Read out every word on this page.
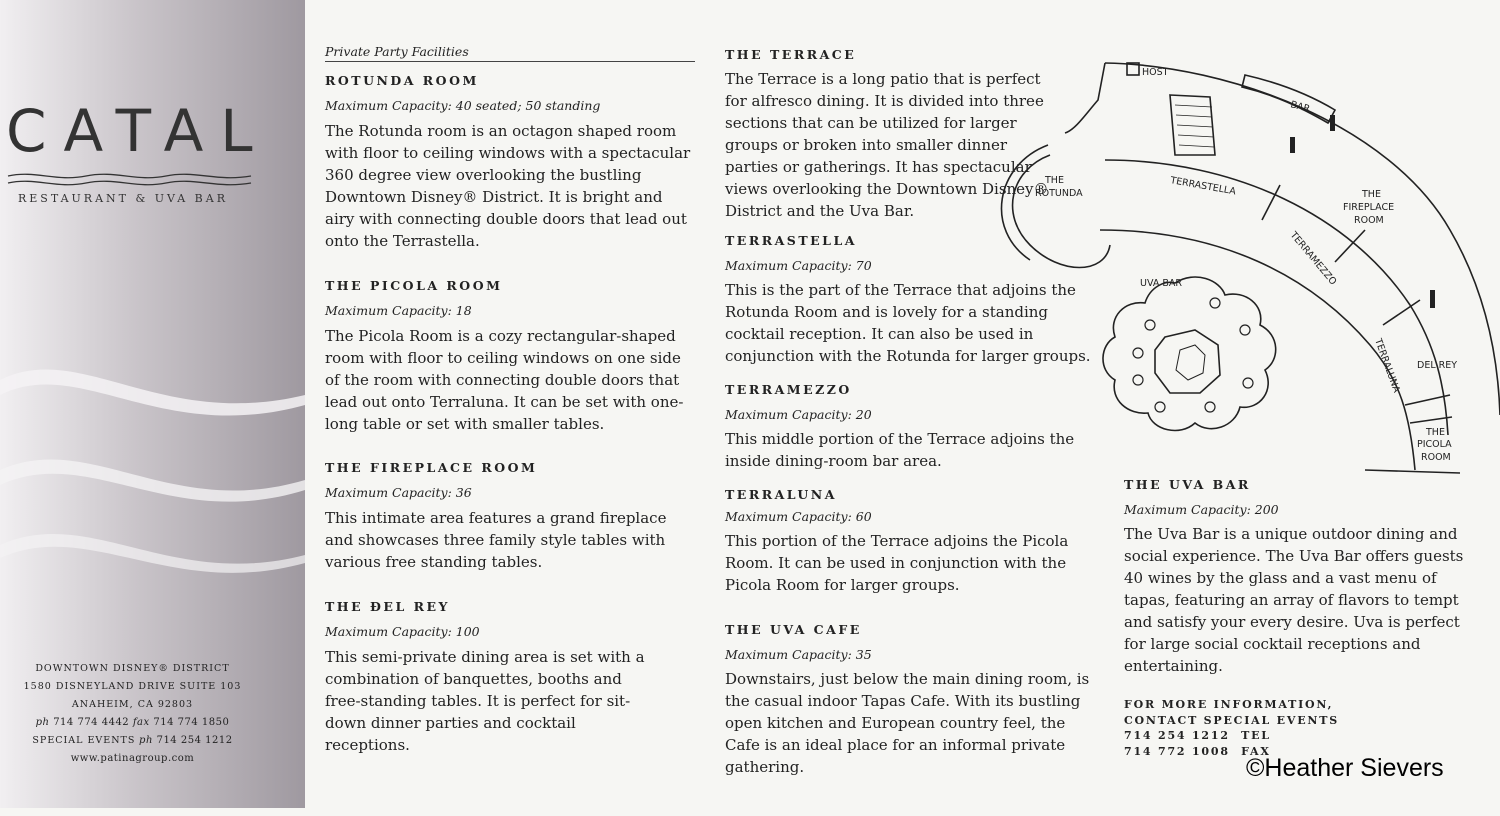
CATAL
RESTAURANT & UVA BAR
DOWNTOWN DISNEY® DISTRICT
1580 DISNEYLAND DRIVE SUITE 103
ANAHEIM, CA 92803
ph 714 774 4442 fax 714 774 1850
SPECIAL EVENTS ph 714 254 1212
www.patinagroup.com
Private Party Facilities

ROTUNDA ROOM

Maximum Capacity: 40 seated; 50 standing

The Rotunda room is an octagon shaped room with floor to ceiling windows with a spectacular 360 degree view overlooking the bustling Downtown Disney® District. It is bright and airy with connecting double doors that lead out onto the Terrastella.

THE PICOLA ROOM

Maximum Capacity: 18

The Picola Room is a cozy rectangular-shaped room with floor to ceiling windows on one side of the room with connecting double doors that lead out onto Terraluna. It can be set with one-long table or set with smaller tables.

THE FIREPLACE ROOM

Maximum Capacity: 36

This intimate area features a grand fireplace and showcases three family style tables with various free standing tables.

THE ĐEL REY

Maximum Capacity: 100

This semi-private dining area is set with a combination of banquettes, booths and free-standing tables. It is perfect for sit-down dinner parties and cocktail receptions.

THE TERRACE

The Terrace is a long patio that is perfect for alfresco dining. It is divided into three sections that can be utilized for larger groups or broken into smaller dinner parties or gatherings. It has spectacular views overlooking the Downtown Disney® District and the Uva Bar.

TERRASTELLA

Maximum Capacity: 70

This is the part of the Terrace that adjoins the Rotunda Room and is lovely for a standing cocktail reception. It can also be used in conjunction with the Rotunda for larger groups.

TERRAMEZZO

Maximum Capacity: 20

This middle portion of the Terrace adjoins the inside dining-room bar area.

TERRALUNA

Maximum Capacity: 60

This portion of the Terrace adjoins the Picola Room. It can be used in conjunction with the Picola Room for larger groups.

THE UVA CAFE

Maximum Capacity: 35

Downstairs, just below the main dining room, is the casual indoor Tapas Cafe. With its bustling open kitchen and European country feel, the Cafe is an ideal place for an informal private gathering.

THE UVA BAR

Maximum Capacity: 200

The Uva Bar is a unique outdoor dining and social experience. The Uva Bar offers guests 40 wines by the glass and a vast menu of tapas, featuring an array of flavors to tempt and satisfy your every desire. Uva is perfect for large social cocktail receptions and entertaining.

FOR MORE INFORMATION,
CONTACT SPECIAL EVENTS
714 254 1212 TEL
714 772 1008 FAX
HOST
BAR
THE
ROTUNDA	TERRASTELLA	THE
FIREPLACE
ROOM
TERRAMEZZO
TERRALUNA DEL REY
THE
PICOLA
ROOM
UVA BAR
©Heather Sievers
